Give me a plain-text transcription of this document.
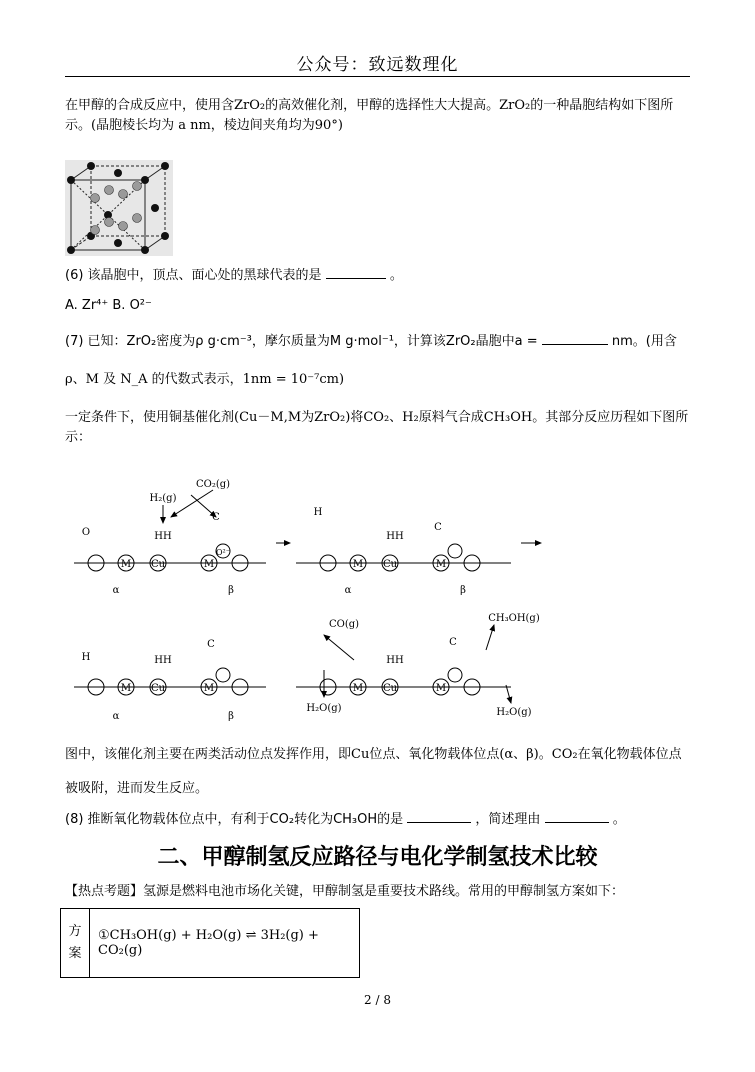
公众号：致远数理化
在甲醇的合成反应中，使用含ZrO₂的高效催化剂，甲醇的选择性大大提高。ZrO₂的一种晶胞结构如下图所示。(晶胞棱长均为 a nm，棱边间夹角均为90°)
(6) 该晶胞中，顶点、面心处的黑球代表的是	。
A. Zr⁴⁺ B. O²⁻
(7) 已知：ZrO₂密度为ρ g·cm⁻³，摩尔质量为M g·mol⁻¹，计算该ZrO₂晶胞中a =	nm。(用含
ρ、M 及 N_A 的代数式表示，1nm = 10⁻⁷cm)
一定条件下，使用铜基催化剂(Cu－M,M为ZrO₂)将CO₂、H₂原料气合成CH₃OH。其部分反应历程如下图所示：
CO₂(g)
H₂(g)
M Cu	M
O²⁻
HH
α	β
M Cu	M
HH
α	β
M Cu	M
HH
α	β
M Cu	M
HH
CO(g)
CH₃OH(g)
H₂O(g)	H₂O(g)
O
C	H
C
H
C	C
图中，该催化剂主要在两类活动位点发挥作用，即Cu位点、氧化物载体位点(α、β)。CO₂在氧化物载体位点被吸附，进而发生反应。
(8) 推断氧化物载体位点中，有利于CO₂转化为CH₃OH的是	，简述理由	。
二、甲醇制氢反应路径与电化学制氢技术比较
【热点考题】氢源是燃料电池市场化关键，甲醇制氢是重要技术路线。常用的甲醇制氢方案如下：
方
案
	①CH₃OH(g) + H₂O(g) ⇌ 3H₂(g) + CO₂(g)
2 / 8
